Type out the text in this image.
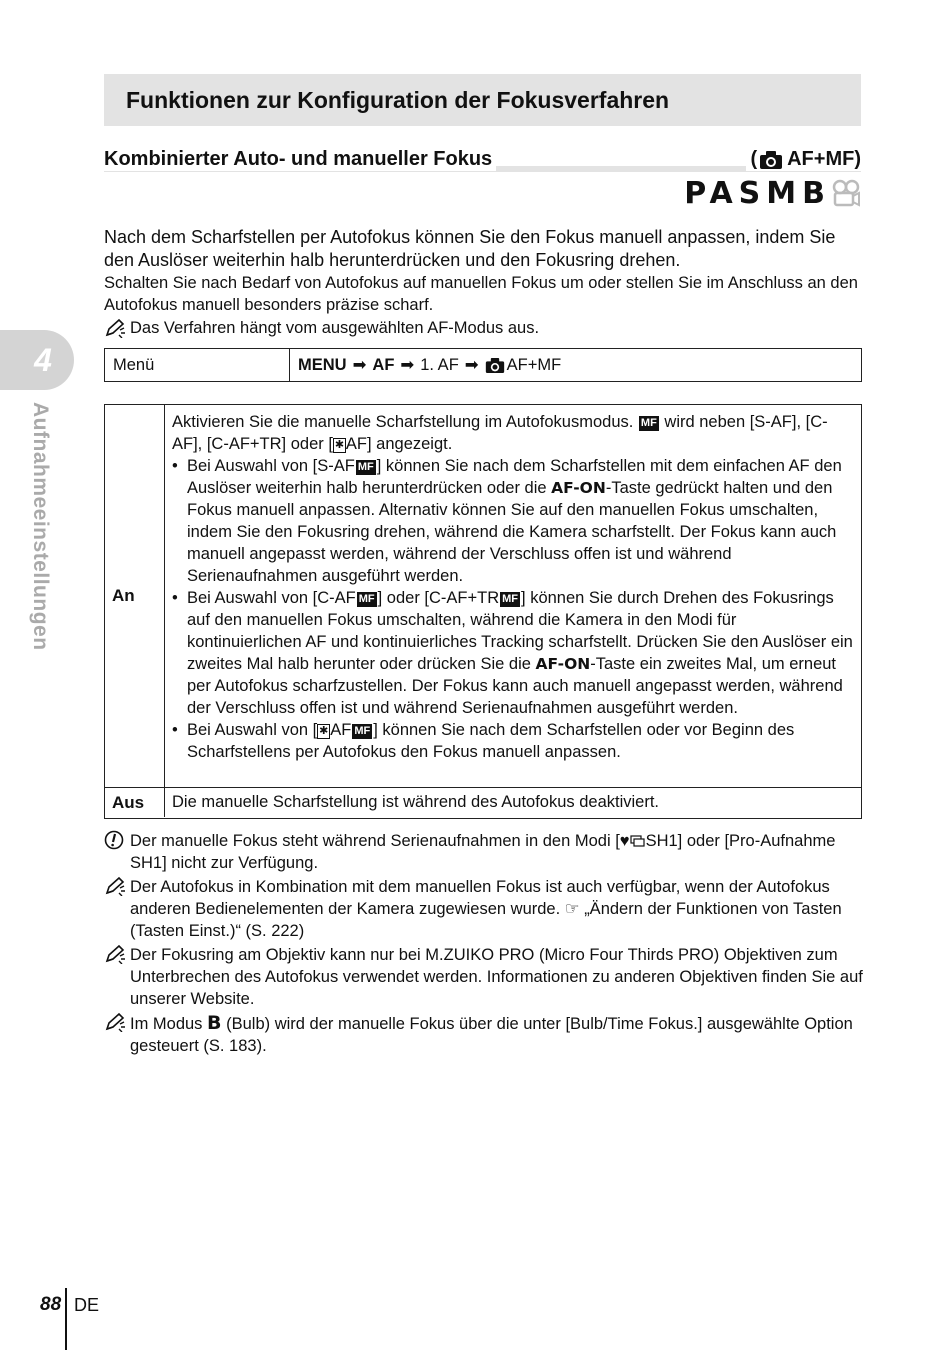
Funktionen zur Konfiguration der Fokusverfahren
Kombinierter Auto- und manueller Fokus	( AF+MF)
PASMB
Nach dem Scharfstellen per Autofokus können Sie den Fokus manuell anpassen, indem Sie den Auslöser weiterhin halb herunterdrücken und den Fokusring drehen.
Schalten Sie nach Bedarf von Autofokus auf manuellen Fokus um oder stellen Sie im Anschluss an den Autofokus manuell besonders präzise scharf.
Das Verfahren hängt vom ausgewählten AF-Modus aus.
Menü	MENU ➡ AF ➡ 1. AF ➡ AF+MF
An
Aktivieren Sie die manuelle Scharfstellung im Autofokusmodus. MF wird neben [S-AF], [C-AF], [C-AF+TR] oder [ ✱ AF] angezeigt.
• Bei Auswahl von [S-AF MF ] können Sie nach dem Scharfstellen mit dem einfachen AF den Auslöser weiterhin halb herunterdrücken oder die AF-ON-Taste gedrückt halten und den Fokus manuell anpassen. Alternativ können Sie auf den manuellen Fokus umschalten, indem Sie den Fokusring drehen, während die Kamera scharfstellt. Der Fokus kann auch manuell angepasst werden, während der Verschluss offen ist und während Serienaufnahmen ausgeführt werden.
• Bei Auswahl von [C-AF MF ] oder [C-AF+TR MF ] können Sie durch Drehen des Fokusrings auf den manuellen Fokus umschalten, während die Kamera in den Modi für kontinuierlichen AF und kontinuierliches Tracking scharfstellt. Drücken Sie den Auslöser ein zweites Mal halb herunter oder drücken Sie die AF-ON-Taste ein zweites Mal, um erneut per Autofokus scharfzustellen. Der Fokus kann auch manuell angepasst werden, während der Verschluss offen ist und während Serienaufnahmen ausgeführt werden.
• Bei Auswahl von [ ✱ AF MF ] können Sie nach dem Scharfstellen oder vor Beginn des Scharfstellens per Autofokus den Fokus manuell anpassen.
Aus	Die manuelle Scharfstellung ist während des Autofokus deaktiviert.
Der manuelle Fokus steht während Serienaufnahmen in den Modi [♥ SH1] oder [Pro-Aufnahme SH1] nicht zur Verfügung.
Der Autofokus in Kombination mit dem manuellen Fokus ist auch verfügbar, wenn der Autofokus anderen Bedienelementen der Kamera zugewiesen wurde. ☞ „Ändern der Funktionen von Tasten (Tasten Einst.)“ (S. 222)
Der Fokusring am Objektiv kann nur bei M.ZUIKO PRO (Micro Four Thirds PRO) Objektiven zum Unterbrechen des Autofokus verwendet werden. Informationen zu anderen Objektiven finden Sie auf unserer Website.
Im Modus B (Bulb) wird der manuelle Fokus über die unter [Bulb/Time Fokus.] ausgewählte Option gesteuert (S. 183).
4
Aufnahmeeinstellungen
88 DE
